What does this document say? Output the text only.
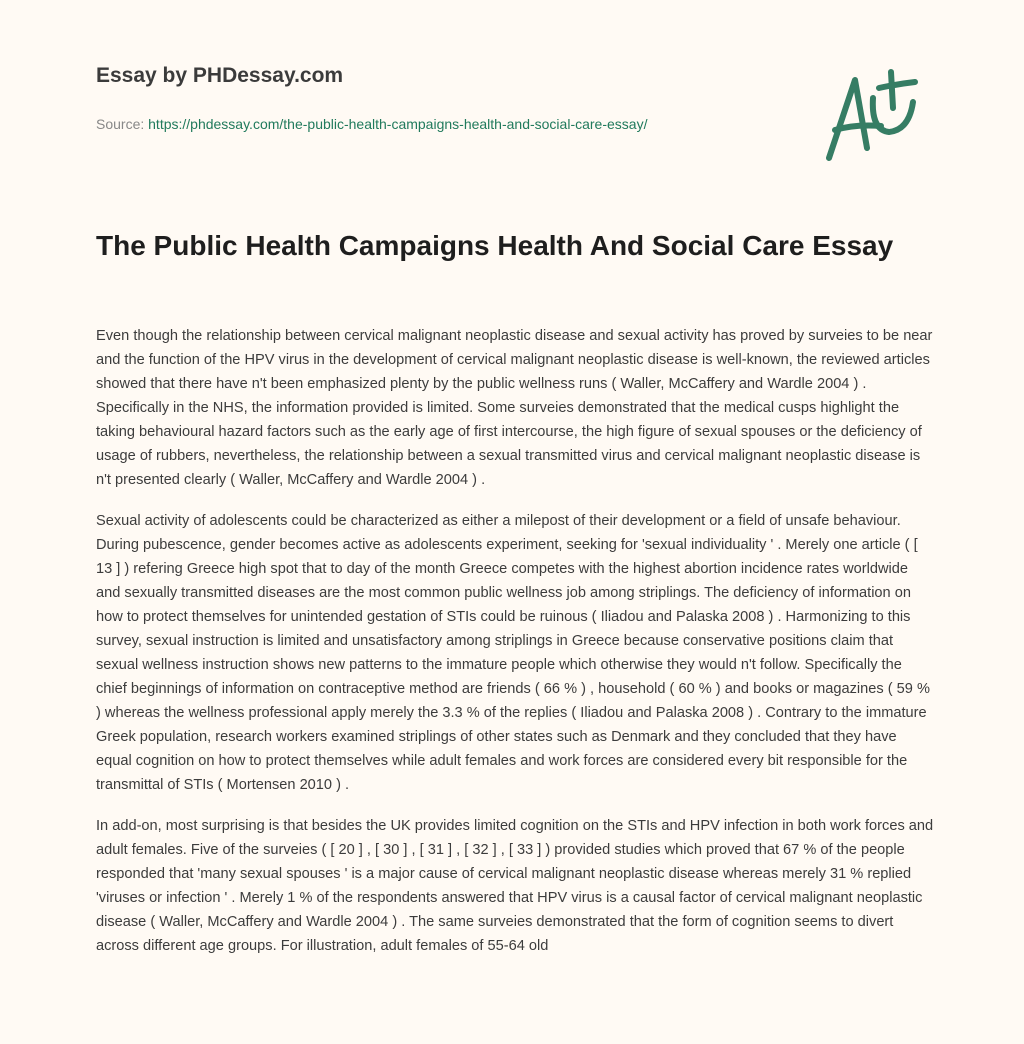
Essay by PHDessay.com
Source: https://phdessay.com/the-public-health-campaigns-health-and-social-care-essay/
The Public Health Campaigns Health And Social Care Essay

Even though the relationship between cervical malignant neoplastic disease and sexual activity has proved by surveies to be near and the function of the HPV virus in the development of cervical malignant neoplastic disease is well-known, the reviewed articles showed that there have n't been emphasized plenty by the public wellness runs ( Waller, McCaffery and Wardle 2004 ) . Specifically in the NHS, the information provided is limited. Some surveies demonstrated that the medical cusps highlight the taking behavioural hazard factors such as the early age of first intercourse, the high figure of sexual spouses or the deficiency of usage of rubbers, nevertheless, the relationship between a sexual transmitted virus and cervical malignant neoplastic disease is n't presented clearly ( Waller, McCaffery and Wardle 2004 ) .

Sexual activity of adolescents could be characterized as either a milepost of their development or a field of unsafe behaviour. During pubescence, gender becomes active as adolescents experiment, seeking for 'sexual individuality ' . Merely one article ( [ 13 ] ) refering Greece high spot that to day of the month Greece competes with the highest abortion incidence rates worldwide and sexually transmitted diseases are the most common public wellness job among striplings. The deficiency of information on how to protect themselves for unintended gestation of STIs could be ruinous ( Iliadou and Palaska 2008 ) . Harmonizing to this survey, sexual instruction is limited and unsatisfactory among striplings in Greece because conservative positions claim that sexual wellness instruction shows new patterns to the immature people which otherwise they would n't follow. Specifically the chief beginnings of information on contraceptive method are friends ( 66 % ) , household ( 60 % ) and books or magazines ( 59 % ) whereas the wellness professional apply merely the 3.3 % of the replies ( Iliadou and Palaska 2008 ) . Contrary to the immature Greek population, research workers examined striplings of other states such as Denmark and they concluded that they have equal cognition on how to protect themselves while adult females and work forces are considered every bit responsible for the transmittal of STIs ( Mortensen 2010 ) .

In add-on, most surprising is that besides the UK provides limited cognition on the STIs and HPV infection in both work forces and adult females. Five of the surveies ( [ 20 ] , [ 30 ] , [ 31 ] , [ 32 ] , [ 33 ] ) provided studies which proved that 67 % of the people responded that 'many sexual spouses ' is a major cause of cervical malignant neoplastic disease whereas merely 31 % replied 'viruses or infection ' . Merely 1 % of the respondents answered that HPV virus is a causal factor of cervical malignant neoplastic disease ( Waller, McCaffery and Wardle 2004 ) . The same surveies demonstrated that the form of cognition seems to divert across different age groups. For illustration, adult females of 55-64 old
